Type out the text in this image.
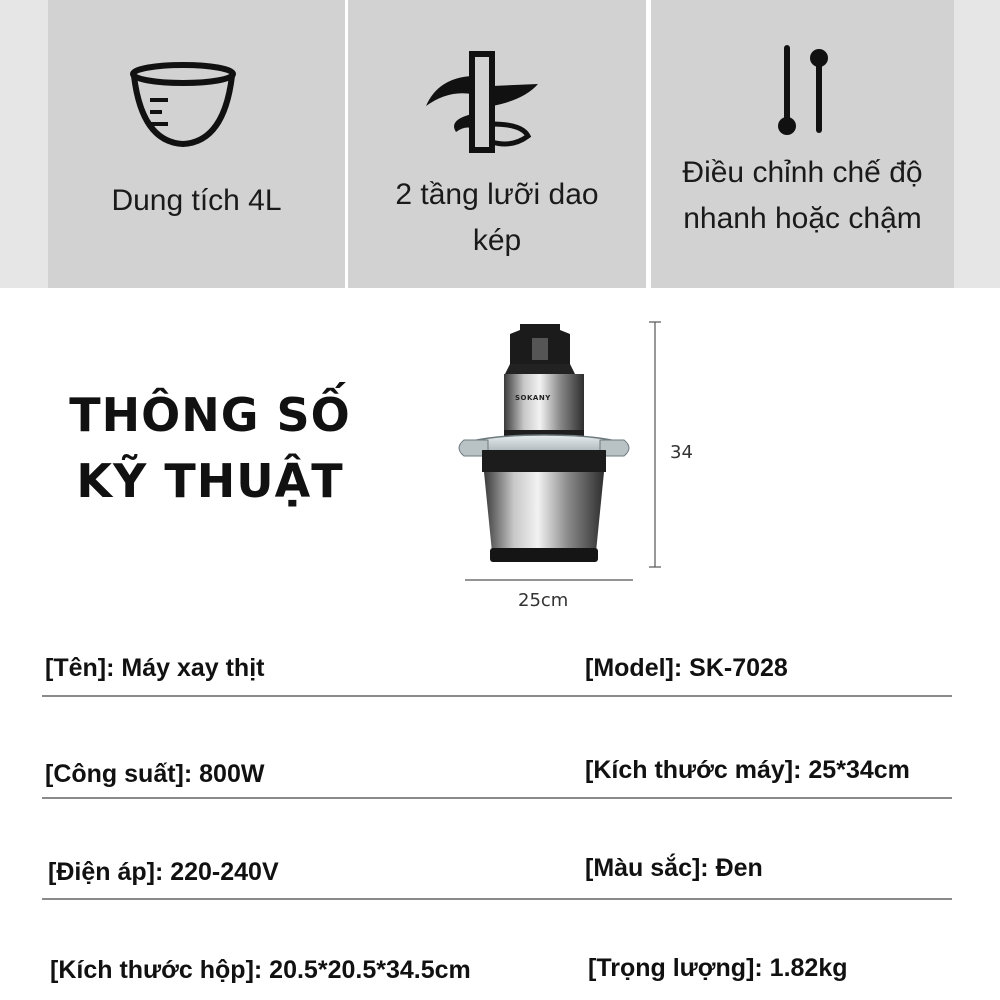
Dung tích 4L	2 tầng lưỡi dao kép
Điều chỉnh chế độ nhanh hoặc chậm
THÔNG SỐ
KỸ THUẬT
34
25cm
SOKANY
[Tên]: Máy xay thịt	[Model]: SK-7028
[Công suất]: 800W	[Kích thước máy]: 25*34cm
[Điện áp]: 220-240V	[Màu sắc]: Đen
[Kích thước hộp]: 20.5*20.5*34.5cm	[Trọng lượng]: 1.82kg
